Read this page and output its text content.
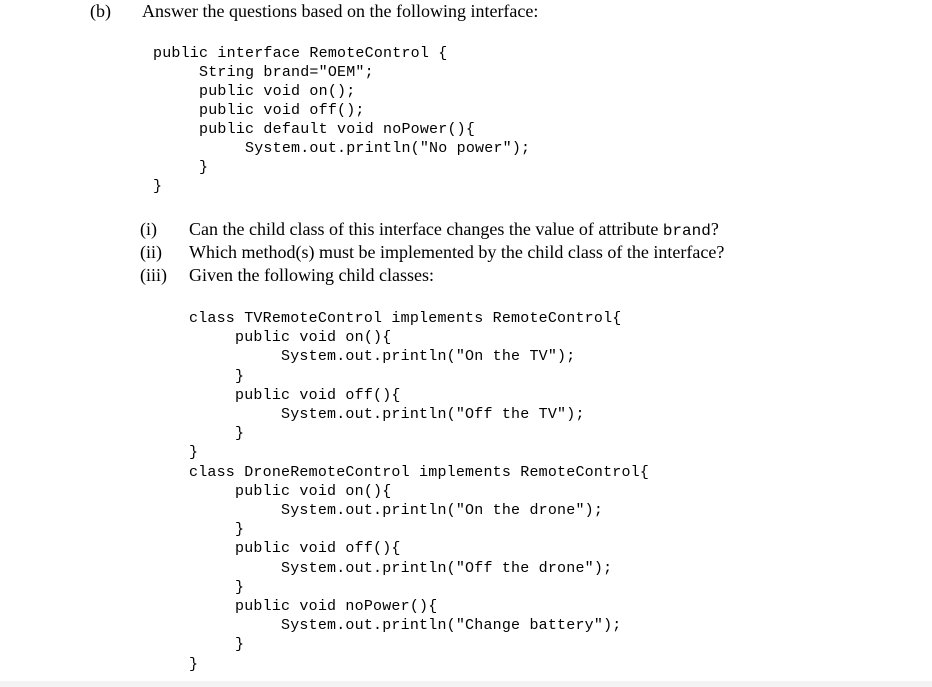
(b) Answer the questions based on the following interface:
public interface RemoteControl {
String brand="OEM";
public void on();
public void off();
public default void noPower(){
System.out.println("No power");
}
}
(i) Can the child class of this interface changes the value of attribute brand?
(ii) Which method(s) must be implemented by the child class of the interface?
(iii) Given the following child classes:
class TVRemoteControl implements RemoteControl{
public void on(){
System.out.println("On the TV");
}
public void off(){
System.out.println("Off the TV");
}
}
class DroneRemoteControl implements RemoteControl{
public void on(){
System.out.println("On the drone");
}
public void off(){
System.out.println("Off the drone");
}
public void noPower(){
System.out.println("Change battery");
}
}
